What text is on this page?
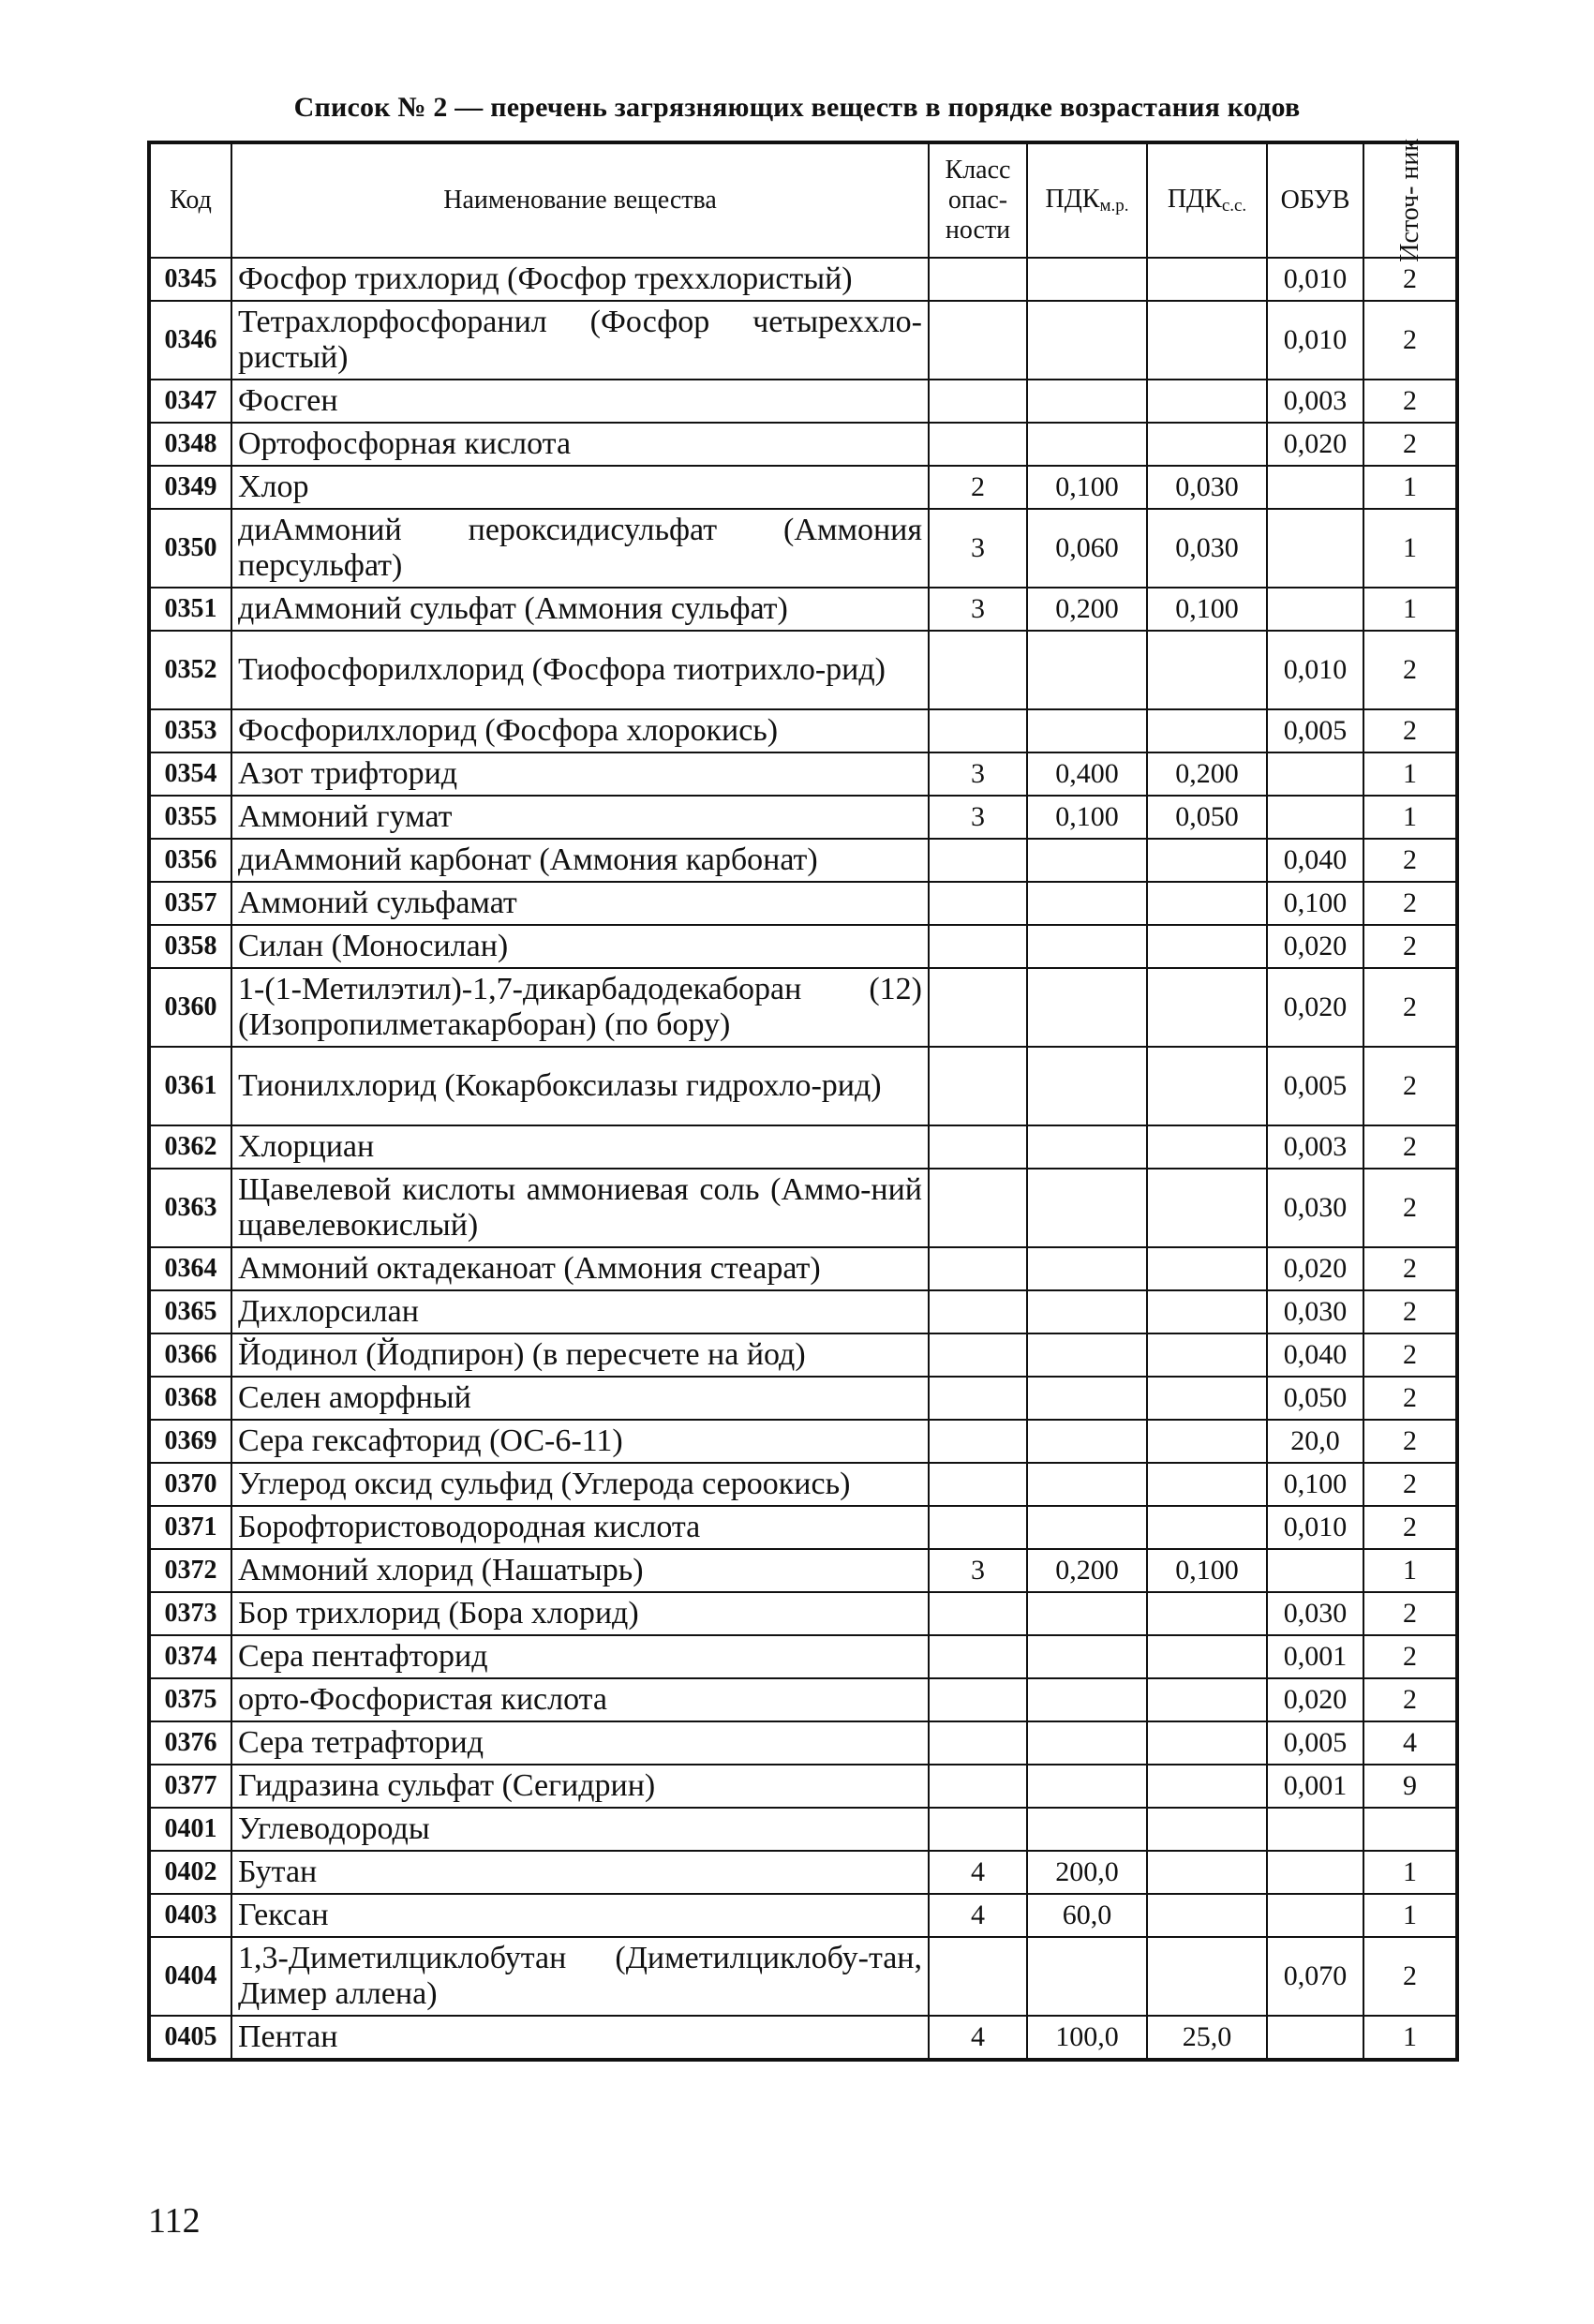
Список № 2 — перечень загрязняющих веществ в порядке возрастания кодов
Код	Наименование вещества	Класс опас- ности	$ПДК_{м.р.}$	$ПДК_{с.с.}$	ОБУВ	Источ- ник

0345	Фосфор трихлорид (Фосфор треххлористый)				0,010	2
0346	Тетрахлорфосфоранил (Фосфор четыреххло-ристый)				0,010	2
0347	Фосген				0,003	2
0348	Ортофосфорная кислота				0,020	2
0349	Хлор	2	0,100	0,030		1
0350	диАммоний пероксидисульфат (Аммония персульфат)	3	0,060	0,030		1
0351	диАммоний сульфат (Аммония сульфат)	3	0,200	0,100		1
0352	Тиофосфорилхлорид (Фосфора тиотрихло-рид)				0,010	2
0353	Фосфорилхлорид (Фосфора хлорокись)				0,005	2
0354	Азот трифторид	3	0,400	0,200		1
0355	Аммоний гумат	3	0,100	0,050		1
0356	диАммоний карбонат (Аммония карбонат)				0,040	2
0357	Аммоний сульфамат				0,100	2
0358	Силан (Моносилан)				0,020	2
0360	1-(1-Метилэтил)-1,7-дикарбадодекаборан (12) (Изопропилметакарборан) (по бору)				0,020	2
0361	Тионилхлорид (Кокарбоксилазы гидрохло-рид)				0,005	2
0362	Хлорциан				0,003	2
0363	Щавелевой кислоты аммониевая соль (Аммо-ний щавелевокислый)				0,030	2
0364	Аммоний октадеканоат (Аммония стеарат)				0,020	2
0365	Дихлорсилан				0,030	2
0366	Йодинол (Йодпирон) (в пересчете на йод)				0,040	2
0368	Селен аморфный				0,050	2
0369	Сера гексафторид (ОС-6-11)				20,0	2
0370	Углерод оксид сульфид (Углерода сероокись)				0,100	2
0371	Борофтористоводородная кислота				0,010	2
0372	Аммоний хлорид (Нашатырь)	3	0,200	0,100		1
0373	Бор трихлорид (Бора хлорид)				0,030	2
0374	Сера пентафторид				0,001	2
0375	орто-Фосфористая кислота				0,020	2
0376	Сера тетрафторид				0,005	4
0377	Гидразина сульфат (Сегидрин)				0,001	9
0401	Углеводороды					
0402	Бутан	4	200,0			1
0403	Гексан	4	60,0			1
0404	1,3-Диметилциклобутан (Диметилциклобу-тан, Димер аллена)				0,070	2
0405	Пентан	4	100,0	25,0		1
112
